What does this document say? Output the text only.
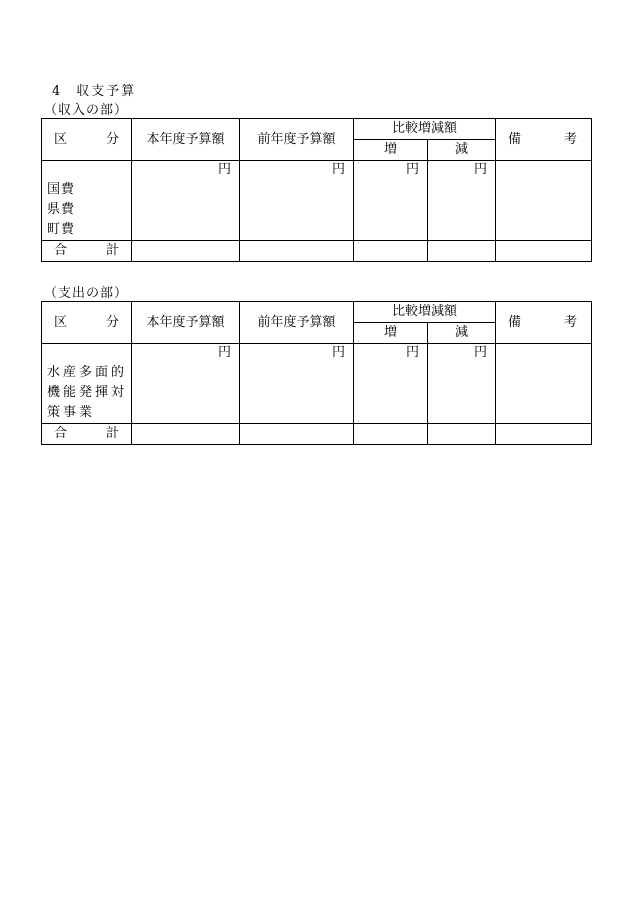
4 収支予算
（収入の部）
区 分	本年度予算額	前年度予算額	比較増減額		備 考

			増	減	

国費
県費
町費	円	円	円	円	

合 計					

（支出の部）
区 分	本年度予算額	前年度予算額	比較増減額		備 考

			増	減	

水産多面的
機能発揮対
策事業	円	円	円	円	

合 計					
